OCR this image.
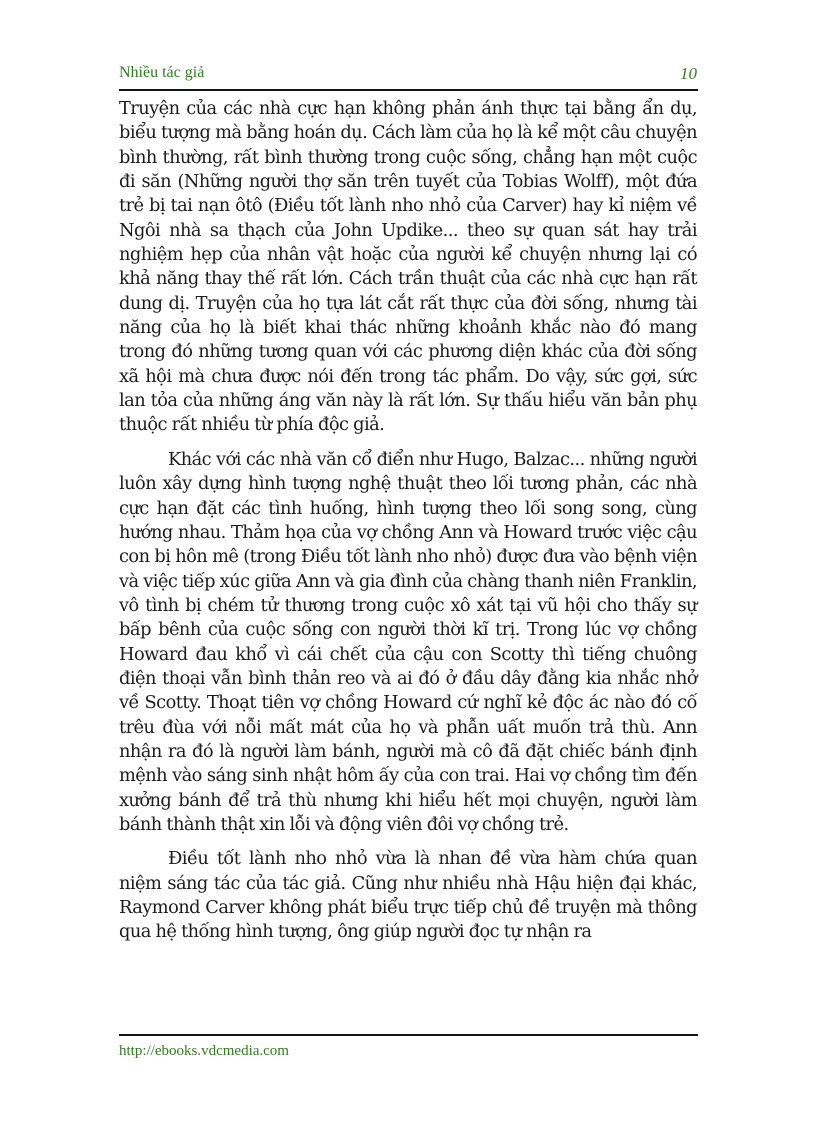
Nhiều tác giả	10

Truyện của các nhà cực hạn không phản ánh thực tại bằng ẩn dụ, biểu tượng mà bằng hoán dụ. Cách làm của họ là kể một câu chuyện bình thường, rất bình thường trong cuộc sống, chẳng hạn một cuộc đi săn (Những người thợ săn trên tuyết của Tobias Wolff), một đứa trẻ bị tai nạn ôtô (Điều tốt lành nho nhỏ của Carver) hay kỉ niệm về Ngôi nhà sa thạch của John Updike... theo sự quan sát hay trải nghiệm hẹp của nhân vật hoặc của người kể chuyện nhưng lại có khả năng thay thế rất lớn. Cách trần thuật của các nhà cực hạn rất dung dị. Truyện của họ tựa lát cắt rất thực của đời sống, nhưng tài năng của họ là biết khai thác những khoảnh khắc nào đó mang trong đó những tương quan với các phương diện khác của đời sống xã hội mà chưa được nói đến trong tác phẩm. Do vậy, sức gợi, sức lan tỏa của những áng văn này là rất lớn. Sự thấu hiểu văn bản phụ thuộc rất nhiều từ phía độc giả.

Khác với các nhà văn cổ điển như Hugo, Balzac... những người luôn xây dựng hình tượng nghệ thuật theo lối tương phản, các nhà cực hạn đặt các tình huống, hình tượng theo lối song song, cùng hướng nhau. Thảm họa của vợ chồng Ann và Howard trước việc cậu con bị hôn mê (trong Điều tốt lành nho nhỏ) được đưa vào bệnh viện và việc tiếp xúc giữa Ann và gia đình của chàng thanh niên Franklin, vô tình bị chém tử thương trong cuộc xô xát tại vũ hội cho thấy sự bấp bênh của cuộc sống con người thời kĩ trị. Trong lúc vợ chồng Howard đau khổ vì cái chết của cậu con Scotty thì tiếng chuông điện thoại vẫn bình thản reo và ai đó ở đầu dây đằng kia nhắc nhở về Scotty. Thoạt tiên vợ chồng Howard cứ nghĩ kẻ độc ác nào đó cố trêu đùa với nỗi mất mát của họ và phẫn uất muốn trả thù. Ann nhận ra đó là người làm bánh, người mà cô đã đặt chiếc bánh định mệnh vào sáng sinh nhật hôm ấy của con trai. Hai vợ chồng tìm đến xưởng bánh để trả thù nhưng khi hiểu hết mọi chuyện, người làm bánh thành thật xin lỗi và động viên đôi vợ chồng trẻ.

Điều tốt lành nho nhỏ vừa là nhan đề vừa hàm chứa quan niệm sáng tác của tác giả. Cũng như nhiều nhà Hậu hiện đại khác, Raymond Carver không phát biểu trực tiếp chủ đề truyện mà thông qua hệ thống hình tượng, ông giúp người đọc tự nhận ra

http://ebooks.vdcmedia.com
